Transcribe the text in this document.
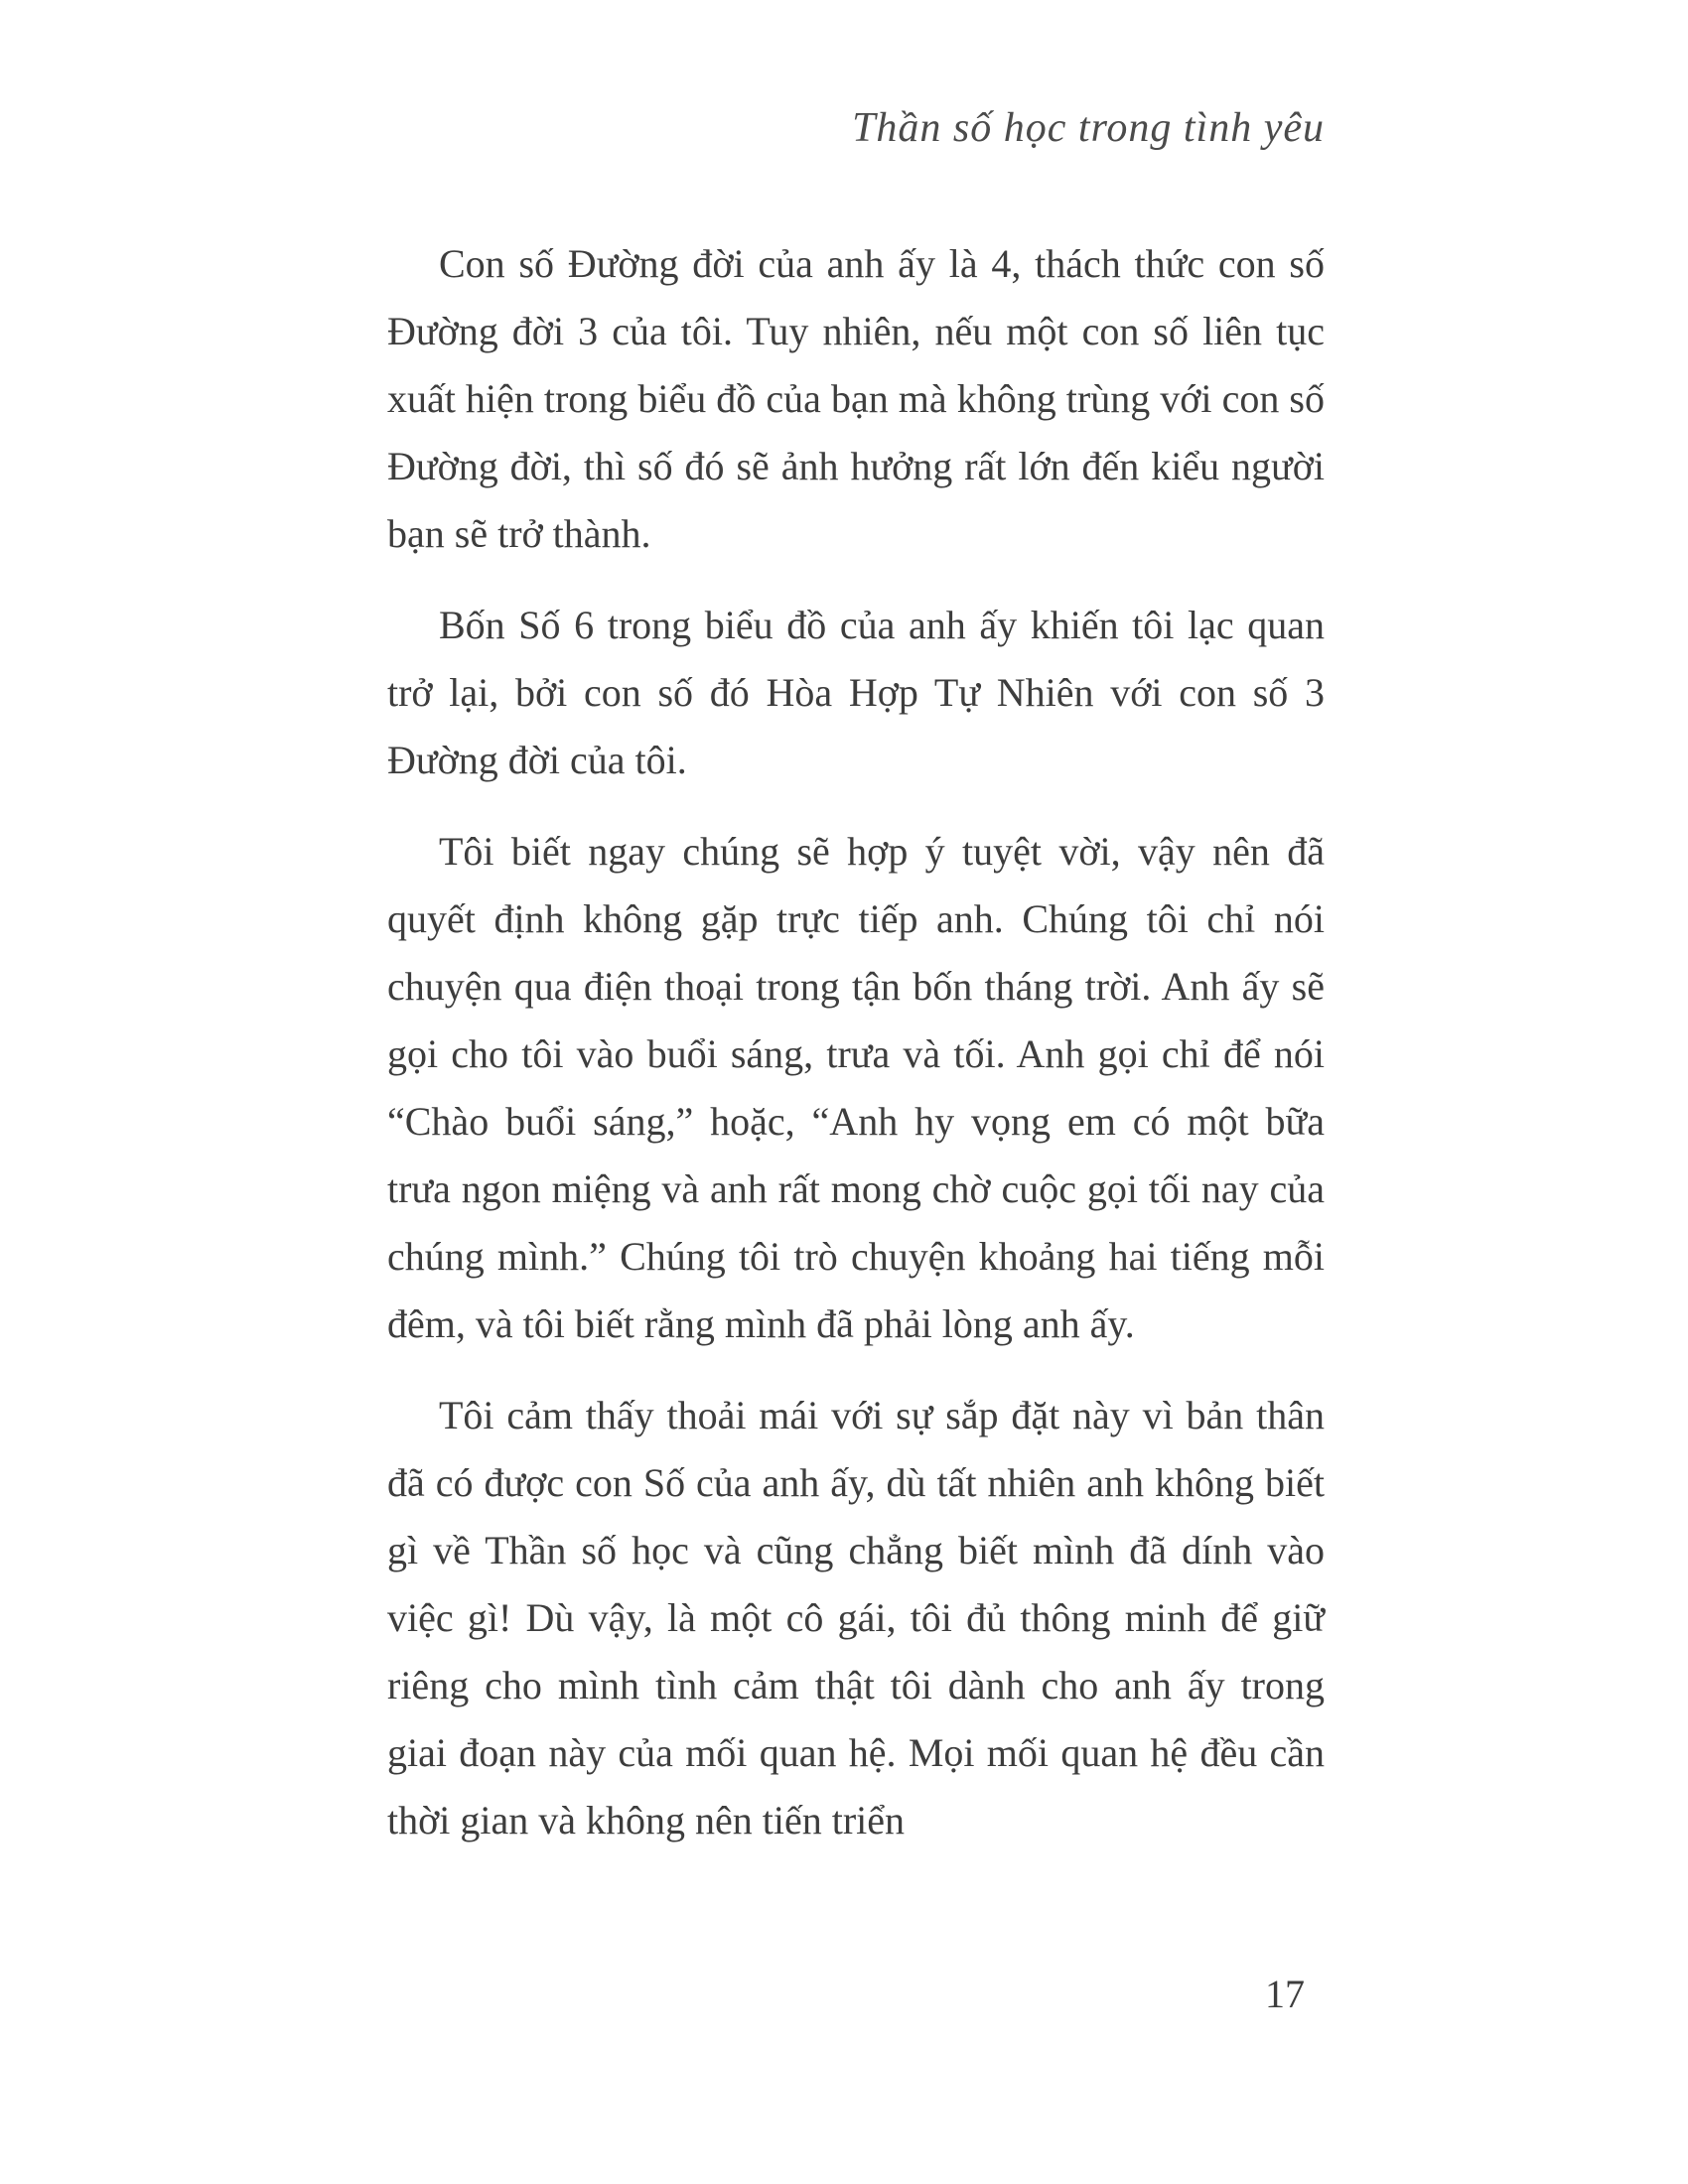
Thần số học trong tình yêu

Con số Đường đời của anh ấy là 4, thách thức con số Đường đời 3 của tôi. Tuy nhiên, nếu một con số liên tục xuất hiện trong biểu đồ của bạn mà không trùng với con số Đường đời, thì số đó sẽ ảnh hưởng rất lớn đến kiểu người bạn sẽ trở thành.

Bốn Số 6 trong biểu đồ của anh ấy khiến tôi lạc quan trở lại, bởi con số đó Hòa Hợp Tự Nhiên với con số 3 Đường đời của tôi.

Tôi biết ngay chúng sẽ hợp ý tuyệt vời, vậy nên đã quyết định không gặp trực tiếp anh. Chúng tôi chỉ nói chuyện qua điện thoại trong tận bốn tháng trời. Anh ấy sẽ gọi cho tôi vào buổi sáng, trưa và tối. Anh gọi chỉ để nói “Chào buổi sáng,” hoặc, “Anh hy vọng em có một bữa trưa ngon miệng và anh rất mong chờ cuộc gọi tối nay của chúng mình.” Chúng tôi trò chuyện khoảng hai tiếng mỗi đêm, và tôi biết rằng mình đã phải lòng anh ấy.

Tôi cảm thấy thoải mái với sự sắp đặt này vì bản thân đã có được con Số của anh ấy, dù tất nhiên anh không biết gì về Thần số học và cũng chẳng biết mình đã dính vào việc gì! Dù vậy, là một cô gái, tôi đủ thông minh để giữ riêng cho mình tình cảm thật tôi dành cho anh ấy trong giai đoạn này của mối quan hệ. Mọi mối quan hệ đều cần thời gian và không nên tiến triển

17
